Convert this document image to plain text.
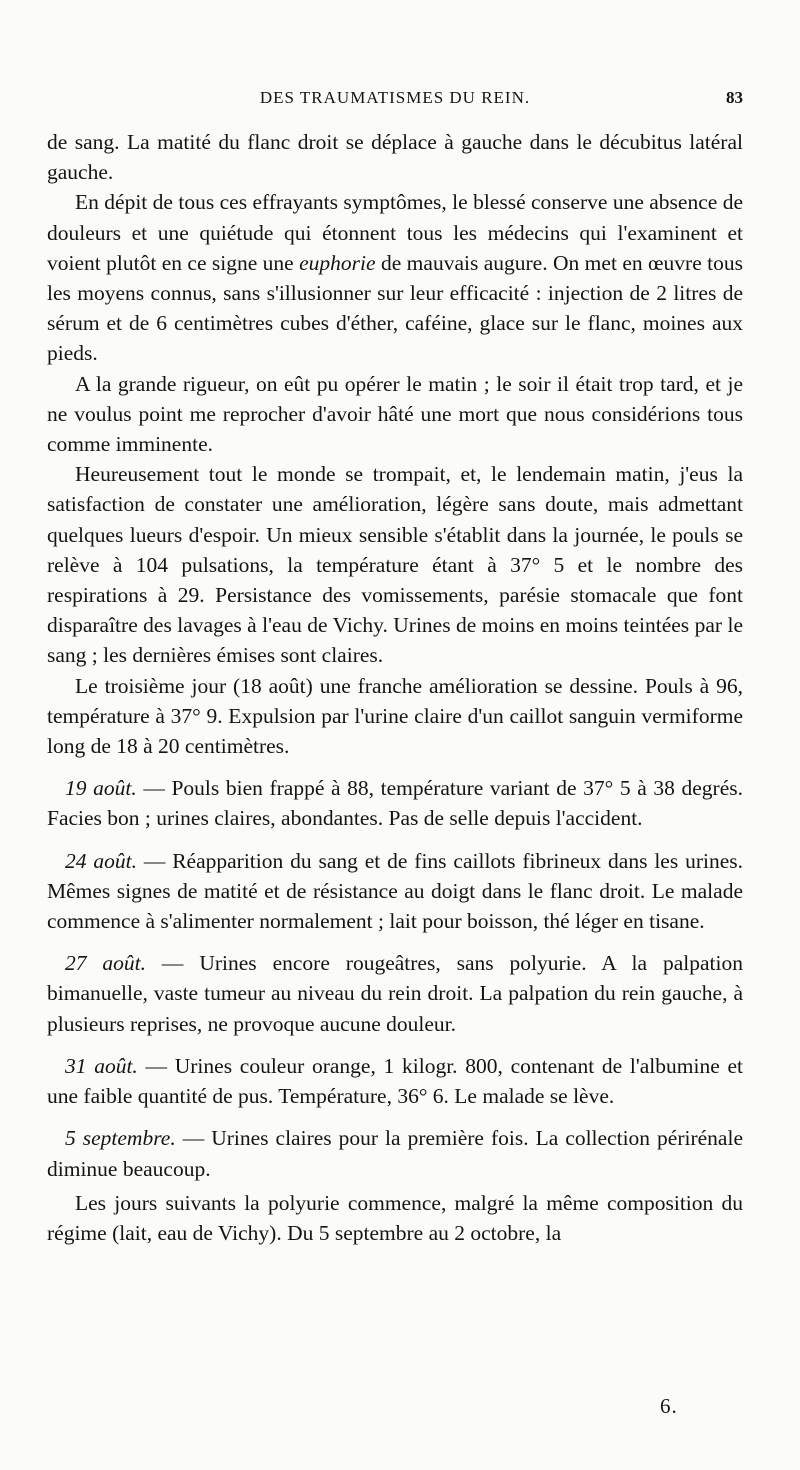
DES TRAUMATISMES DU REIN.	83

de sang. La matité du flanc droit se déplace à gauche dans le décubitus latéral gauche.

En dépit de tous ces effrayants symptômes, le blessé conserve une absence de douleurs et une quiétude qui étonnent tous les médecins qui l'examinent et voient plutôt en ce signe une euphorie de mauvais augure. On met en œuvre tous les moyens connus, sans s'illusionner sur leur efficacité : injection de 2 litres de sérum et de 6 centimètres cubes d'éther, caféine, glace sur le flanc, moines aux pieds.

A la grande rigueur, on eût pu opérer le matin ; le soir il était trop tard, et je ne voulus point me reprocher d'avoir hâté une mort que nous considérions tous comme imminente.

Heureusement tout le monde se trompait, et, le lendemain matin, j'eus la satisfaction de constater une amélioration, légère sans doute, mais admettant quelques lueurs d'espoir. Un mieux sensible s'établit dans la journée, le pouls se relève à 104 pulsations, la température étant à 37° 5 et le nombre des respirations à 29. Persistance des vomissements, parésie stomacale que font disparaître des lavages à l'eau de Vichy. Urines de moins en moins teintées par le sang ; les dernières émises sont claires.

Le troisième jour (18 août) une franche amélioration se dessine. Pouls à 96, température à 37° 9. Expulsion par l'urine claire d'un caillot sanguin vermiforme long de 18 à 20 centimètres.

19 août. — Pouls bien frappé à 88, température variant de 37° 5 à 38 degrés. Facies bon ; urines claires, abondantes. Pas de selle depuis l'accident.

24 août. — Réapparition du sang et de fins caillots fibrineux dans les urines. Mêmes signes de matité et de résistance au doigt dans le flanc droit. Le malade commence à s'alimenter normalement ; lait pour boisson, thé léger en tisane.

27 août. — Urines encore rougeâtres, sans polyurie. A la palpation bimanuelle, vaste tumeur au niveau du rein droit. La palpation du rein gauche, à plusieurs reprises, ne provoque aucune douleur.

31 août. — Urines couleur orange, 1 kilogr. 800, contenant de l'albumine et une faible quantité de pus. Température, 36° 6. Le malade se lève.

5 septembre. — Urines claires pour la première fois. La collection périrénale diminue beaucoup.

Les jours suivants la polyurie commence, malgré la même composition du régime (lait, eau de Vichy). Du 5 septembre au 2 octobre, la

6.
